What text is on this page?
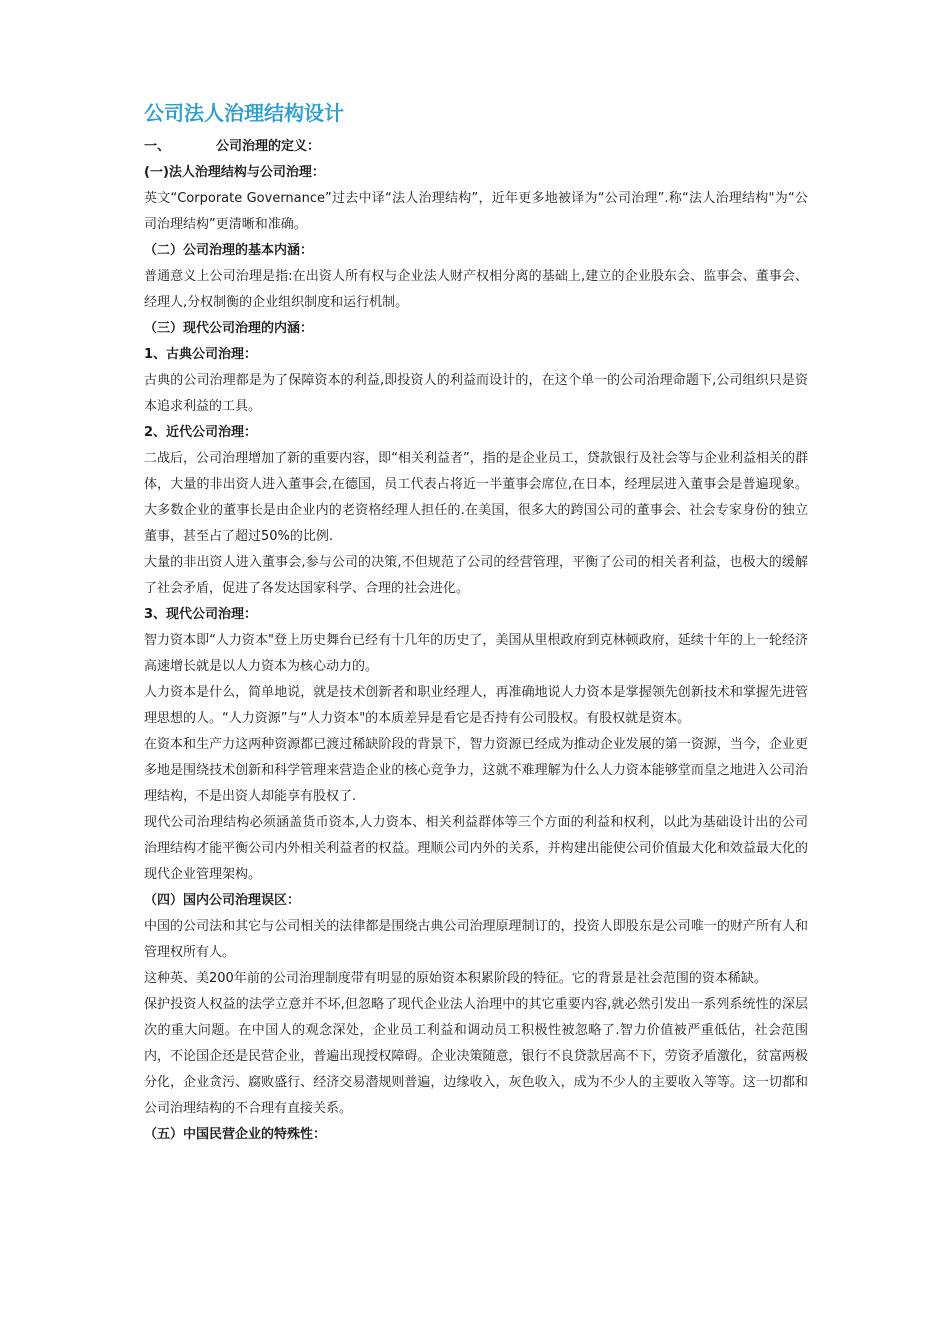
公司法人治理结构设计
一、	公司治理的定义：
(一)法人治理结构与公司治理：

英文“Corporate Governance”过去中译“法人治理结构”，近年更多地被译为“公司治理”.称“法人治理结构"为“公司治理结构”更清晰和准确。

（二）公司治理的基本内涵：

普通意义上公司治理是指:在出资人所有权与企业法人财产权相分离的基础上,建立的企业股东会、监事会、董事会、经理人,分权制衡的企业组织制度和运行机制。

（三）现代公司治理的内涵：
1、古典公司治理：

古典的公司治理都是为了保障资本的利益,即投资人的利益而设计的，在这个单一的公司治理命题下,公司组织只是资本追求利益的工具。

2、近代公司治理：

二战后，公司治理增加了新的重要内容，即“相关利益者”，指的是企业员工，贷款银行及社会等与企业利益相关的群体，大量的非出资人进入董事会,在德国，员工代表占将近一半董事会席位,在日本，经理层进入董事会是普遍现象。大多数企业的董事长是由企业内的老资格经理人担任的.在美国，很多大的跨国公司的董事会、社会专家身份的独立董事，甚至占了超过50%的比例.

大量的非出资人进入董事会,参与公司的决策,不但规范了公司的经营管理，平衡了公司的相关者利益，也极大的缓解了社会矛盾，促进了各发达国家科学、合理的社会进化。

3、现代公司治理：

智力资本即“人力资本"登上历史舞台已经有十几年的历史了，美国从里根政府到克林顿政府，延续十年的上一轮经济高速增长就是以人力资本为核心动力的。

人力资本是什么，简单地说，就是技术创新者和职业经理人，再准确地说人力资本是掌握领先创新技术和掌握先进管理思想的人。“人力资源”与“人力资本"的本质差异是看它是否持有公司股权。有股权就是资本。

在资本和生产力这两种资源都已渡过稀缺阶段的背景下，智力资源已经成为推动企业发展的第一资源，当今，企业更多地是围绕技术创新和科学管理来营造企业的核心竞争力，这就不难理解为什么人力资本能够堂而皇之地进入公司治理结构，不是出资人却能享有股权了.

现代公司治理结构必须涵盖货币资本,人力资本、相关利益群体等三个方面的利益和权利，以此为基础设计出的公司治理结构才能平衡公司内外相关利益者的权益。理顺公司内外的关系，并构建出能使公司价值最大化和效益最大化的现代企业管理架构。

（四）国内公司治理误区：

中国的公司法和其它与公司相关的法律都是围绕古典公司治理原理制订的，投资人即股东是公司唯一的财产所有人和管理权所有人。

这种英、美200年前的公司治理制度带有明显的原始资本积累阶段的特征。它的背景是社会范围的资本稀缺。

保护投资人权益的法学立意并不坏,但忽略了现代企业法人治理中的其它重要内容,就必然引发出一系列系统性的深层次的重大问题。在中国人的观念深处，企业员工利益和调动员工积极性被忽略了.智力价值被严重低估，社会范围内，不论国企还是民营企业，普遍出现授权障碍。企业决策随意，银行不良贷款居高不下，劳资矛盾激化，贫富两极分化，企业贪污、腐败盛行、经济交易潜规则普遍，边缘收入，灰色收入，成为不少人的主要收入等等。这一切都和公司治理结构的不合理有直接关系。

（五）中国民营企业的特殊性：
